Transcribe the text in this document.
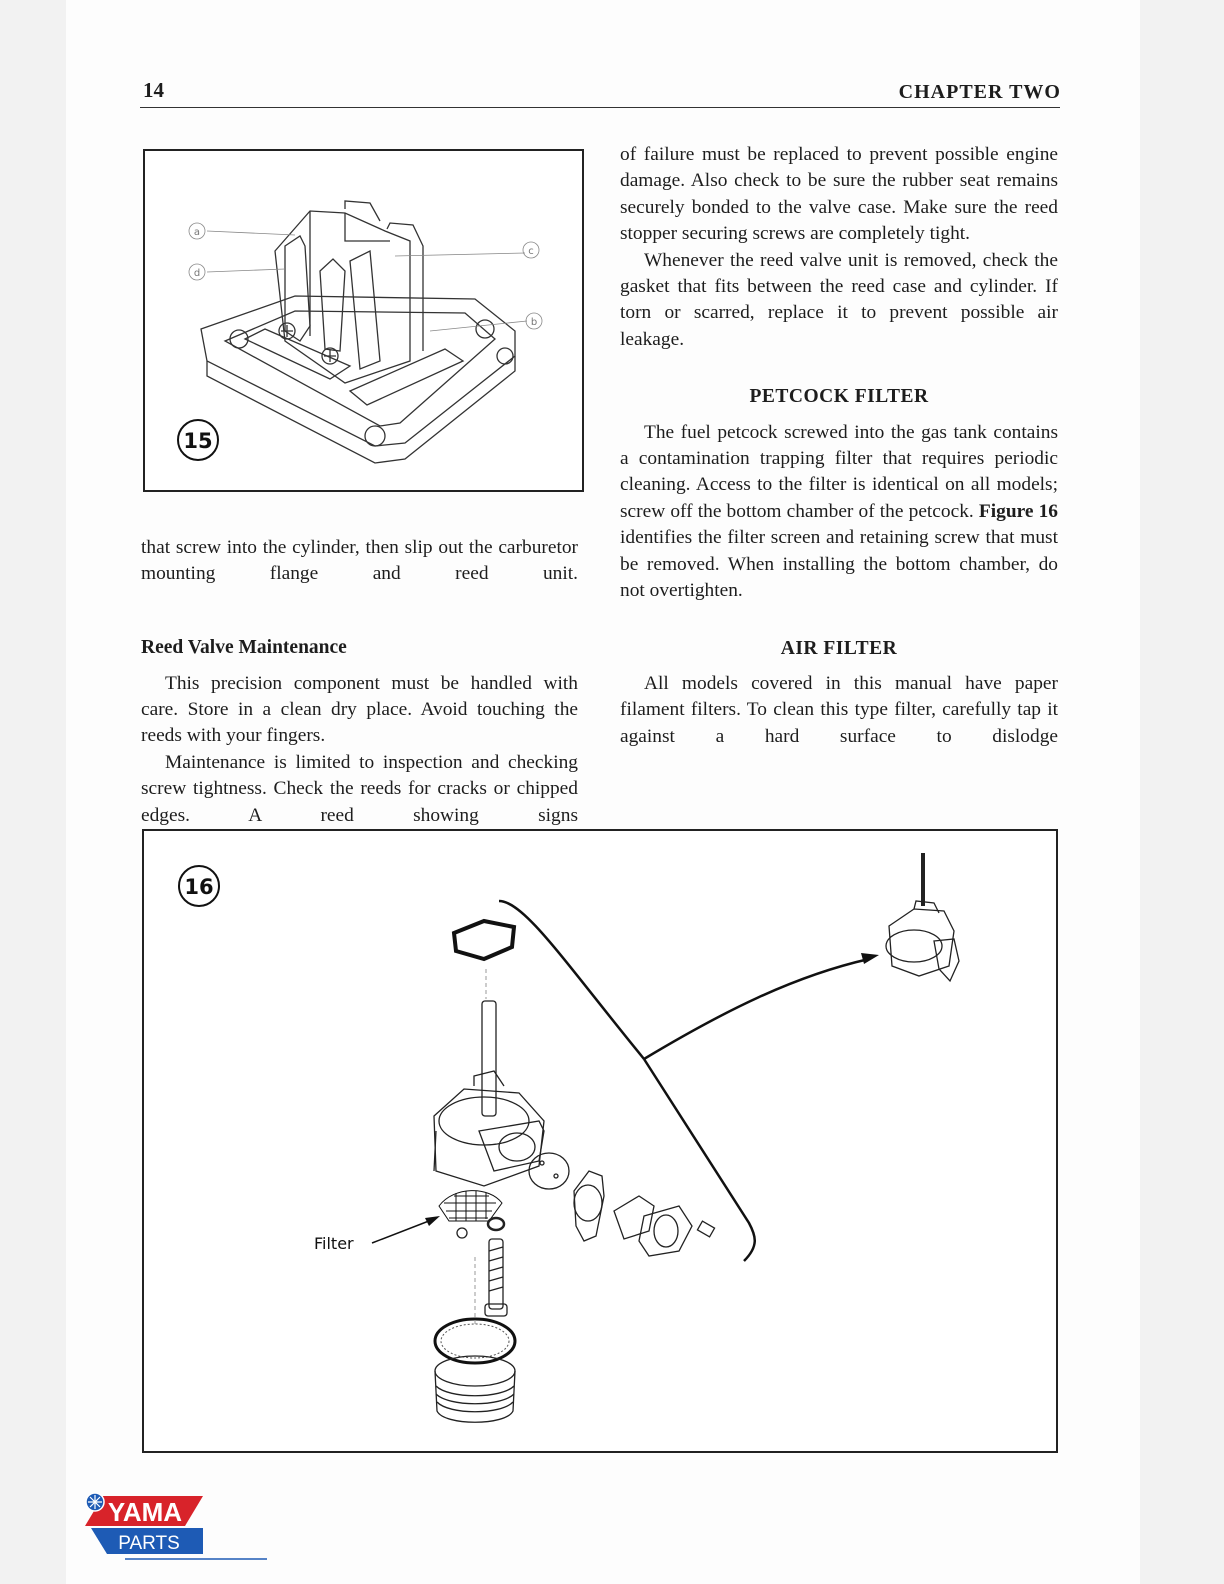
14	CHAPTER TWO
a
d
c
b
15

that screw into the cylinder, then slip out the carburetor mounting flange and reed unit.

Reed Valve Maintenance

This precision component must be handled with care. Store in a clean dry place. Avoid touching the reeds with your fingers.

Maintenance is limited to inspection and checking screw tightness. Check the reeds for cracks or chipped edges. A reed showing signs

of failure must be replaced to prevent possible engine damage. Also check to be sure the rubber seat remains securely bonded to the valve case. Make sure the reed stopper securing screws are completely tight.

Whenever the reed valve unit is removed, check the gasket that fits between the reed case and cylinder. If torn or scarred, replace it to prevent possible air leakage.

PETCOCK FILTER

The fuel petcock screwed into the gas tank contains a contamination trapping filter that requires periodic cleaning. Access to the filter is identical on all models; screw off the bottom chamber of the petcock. Figure 16 identifies the filter screen and retaining screw that must be removed. When installing the bottom chamber, do not overtighten.

AIR FILTER

All models covered in this manual have paper filament filters. To clean this type filter, carefully tap it against a hard surface to dislodge

16
Filter
YAMA
PARTS
